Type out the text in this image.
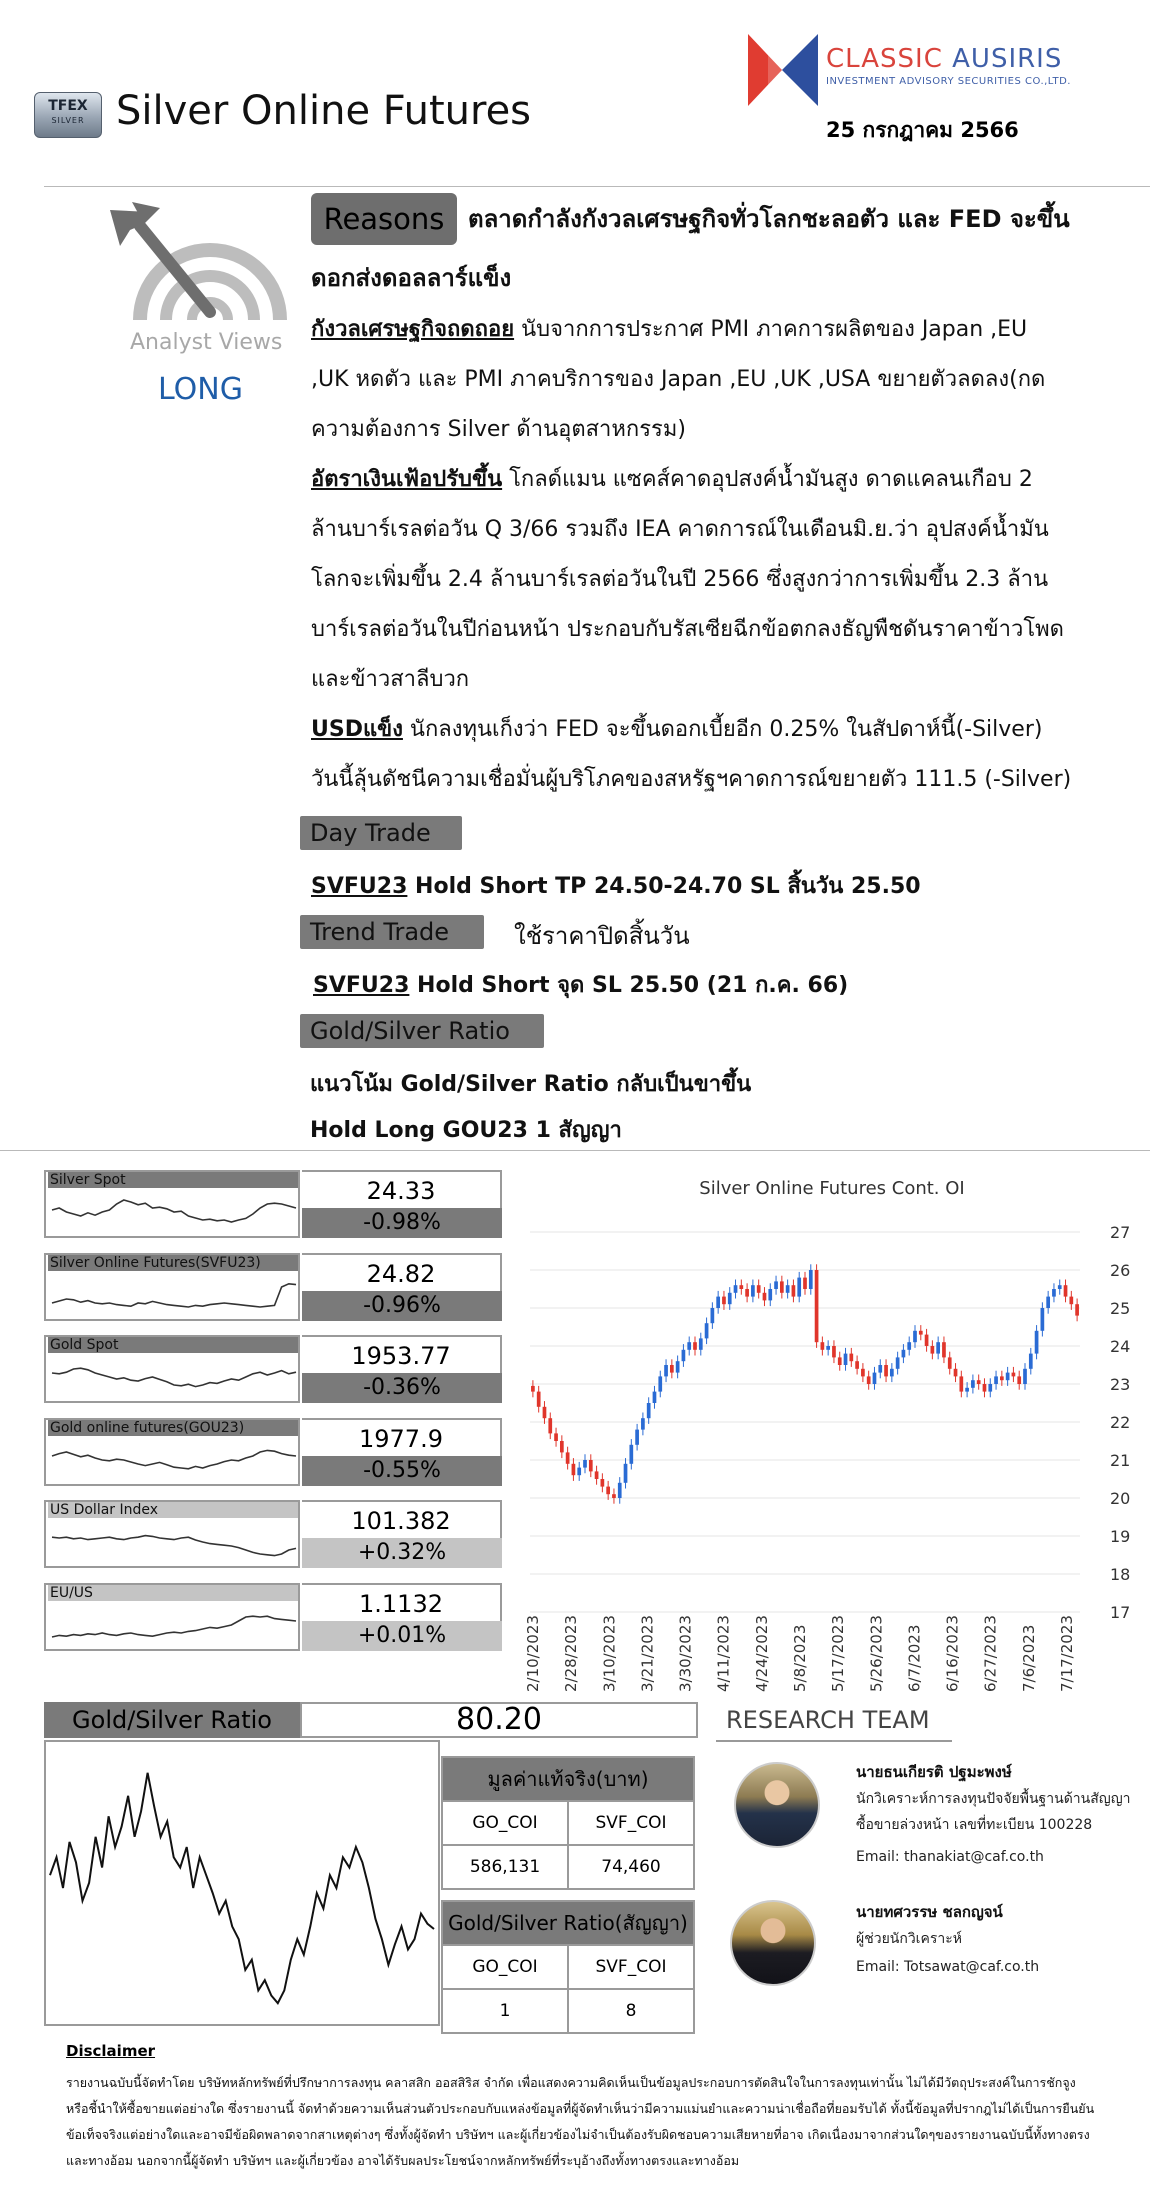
TFEX
SILVER Silver Online Futures
CLASSIC AUSIRIS
INVESTMENT ADVISORY SECURITIES CO.,LTD.
25 กรกฎาคม 2566
Analyst Views
LONG
Reasons ตลาดกำลังกังวลเศรษฐกิจทั่วโลกชะลอตัว และ FED จะขึ้น
ดอกส่งดอลลาร์แข็ง
กังวลเศรษฐกิจถดถอย นับจากการประกาศ PMI ภาคการผลิตของ Japan ,EU
,UK หดตัว และ PMI ภาคบริการของ Japan ,EU ,UK ,USA ขยายตัวลดลง(กด
ความต้องการ Silver ด้านอุตสาหกรรม)
อัตราเงินเฟ้อปรับขึ้น โกลด์แมน แซคส์คาดอุปสงค์น้ำมันสูง ดาดแคลนเกือบ 2
ล้านบาร์เรลต่อวัน Q 3/66 รวมถึง IEA คาดการณ์ในเดือนมิ.ย.ว่า อุปสงค์น้ำมัน
โลกจะเพิ่มขึ้น 2.4 ล้านบาร์เรลต่อวันในปี 2566 ซึ่งสูงกว่าการเพิ่มขึ้น 2.3 ล้าน
บาร์เรลต่อวันในปีก่อนหน้า ประกอบกับรัสเซียฉีกข้อตกลงธัญพืชดันราคาข้าวโพด
และข้าวสาลีบวก
USDแข็ง นักลงทุนเก็งว่า FED จะขึ้นดอกเบี้ยอีก 0.25% ในสัปดาห์นี้(-Silver)
วันนี้ลุ้นดัชนีความเชื่อมั่นผู้บริโภคของสหรัฐฯคาดการณ์ขยายตัว 111.5 (-Silver)
Day Trade
SVFU23 Hold Short TP 24.50-24.70 SL สิ้นวัน 25.50
Trend Trade	ใช้ราคาปิดสิ้นวัน
SVFU23 Hold Short จุด SL 25.50 (21 ก.ค. 66)
Gold/Silver Ratio
แนวโน้ม Gold/Silver Ratio กลับเป็นขาขึ้น
Hold Long GOU23 1 สัญญา
Silver Spot	24.33
-0.98%
Silver Online Futures(SVFU23)	24.82
-0.96%
Gold Spot	1953.77
-0.36%
Gold online futures(GOU23)	1977.9
-0.55%
US Dollar Index	101.382
+0.32%
EU/US	1.1132
+0.01%
Silver Online Futures Cont. OI
27
26
25
24
23
22
21
20
19
18
17
2/10/2023 2/28/2023 3/10/2023 3/21/2023 3/30/2023 4/11/2023 4/24/2023 5/8/2023 5/17/2023 5/26/2023 6/7/2023 6/16/2023 6/27/2023 7/6/2023 7/17/2023
Gold/Silver Ratio	80.20
มูลค่าแท้จริง(บาท)	
GO_COI	SVF_COI
586,131	74,460
Gold/Silver Ratio(สัญญา)	
GO_COI	SVF_COI
1	8
RESEARCH TEAM
นายธนเกียรติ ปฐมะพงษ์
นักวิเคราะห์การลงทุนปัจจัยพื้นฐานด้านสัญญา
ซื้อขายล่วงหน้า เลขที่ทะเบียน 100228
Email: thanakiat@caf.co.th
นายทศวรรษ ชลกญจน์
ผู้ช่วยนักวิเคราะห์
Email: Totsawat@caf.co.th
Disclaimer
รายงานฉบับนี้จัดทำโดย บริษัทหลักทรัพย์ที่ปรึกษาการลงทุน คลาสสิก ออสสิริส จำกัด เพื่อแสดงความคิดเห็นเป็นข้อมูลประกอบการตัดสินใจในการลงทุนเท่านั้น ไม่ได้มีวัตถุประสงค์ในการชักจูง
หรือชี้นำให้ซื้อขายแต่อย่างใด ซึ่งรายงานนี้ จัดทำด้วยความเห็นส่วนตัวประกอบกับแหล่งข้อมูลที่ผู้จัดทำเห็นว่ามีความแม่นยำและความน่าเชื่อถือที่ยอมรับได้ ทั้งนี้ข้อมูลที่ปรากฎไม่ได้เป็นการยืนยัน
ข้อเท็จจริงแต่อย่างใดและอาจมีข้อผิดพลาดจากสาเหตุต่างๆ ซึ่งทั้งผู้จัดทำ บริษัทฯ และผู้เกี่ยวข้องไม่จำเป็นต้องรับผิดชอบความเสียหายที่อาจ เกิดเนื่องมาจากส่วนใดๆของรายงานฉบับนี้ทั้งทางตรง
และทางอ้อม นอกจากนี้ผู้จัดทำ บริษัทฯ และผู้เกี่ยวข้อง อาจได้รับผลประโยชน์จากหลักทรัพย์ที่ระบุอ้างถึงทั้งทางตรงและทางอ้อม
